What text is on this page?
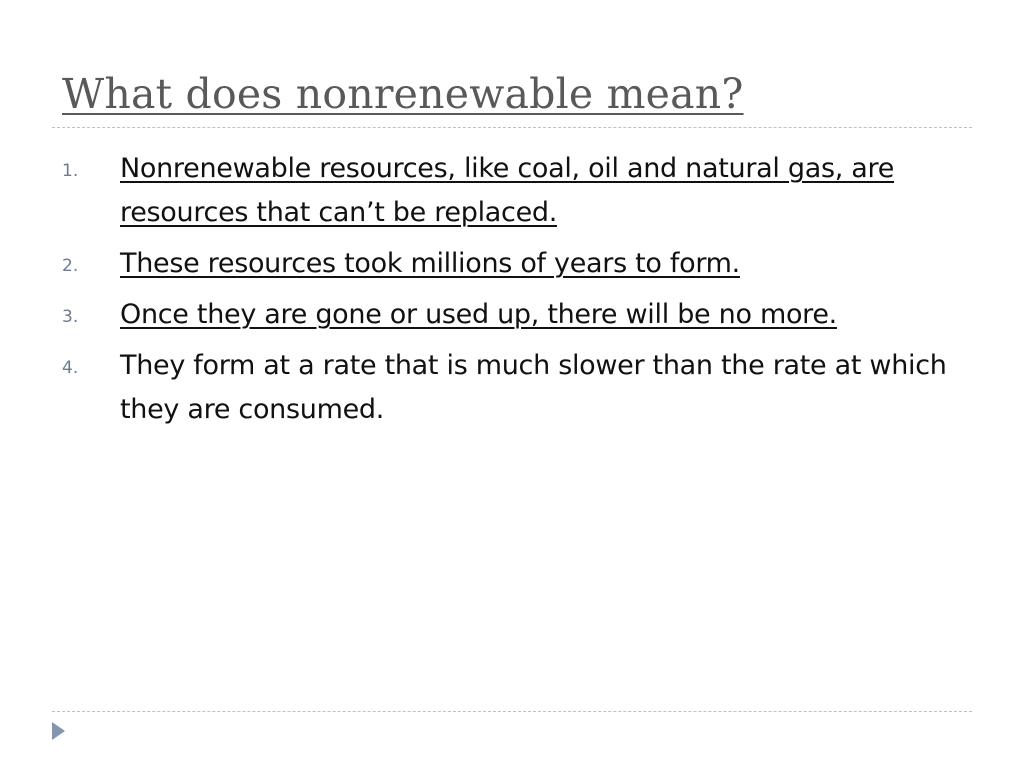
What does nonrenewable mean?
1. Nonrenewable resources, like coal, oil and natural gas, are resources that can’t be replaced.
2. These resources took millions of years to form.
3. Once they are gone or used up, there will be no more.
4. They form at a rate that is much slower than the rate at which they are consumed.
